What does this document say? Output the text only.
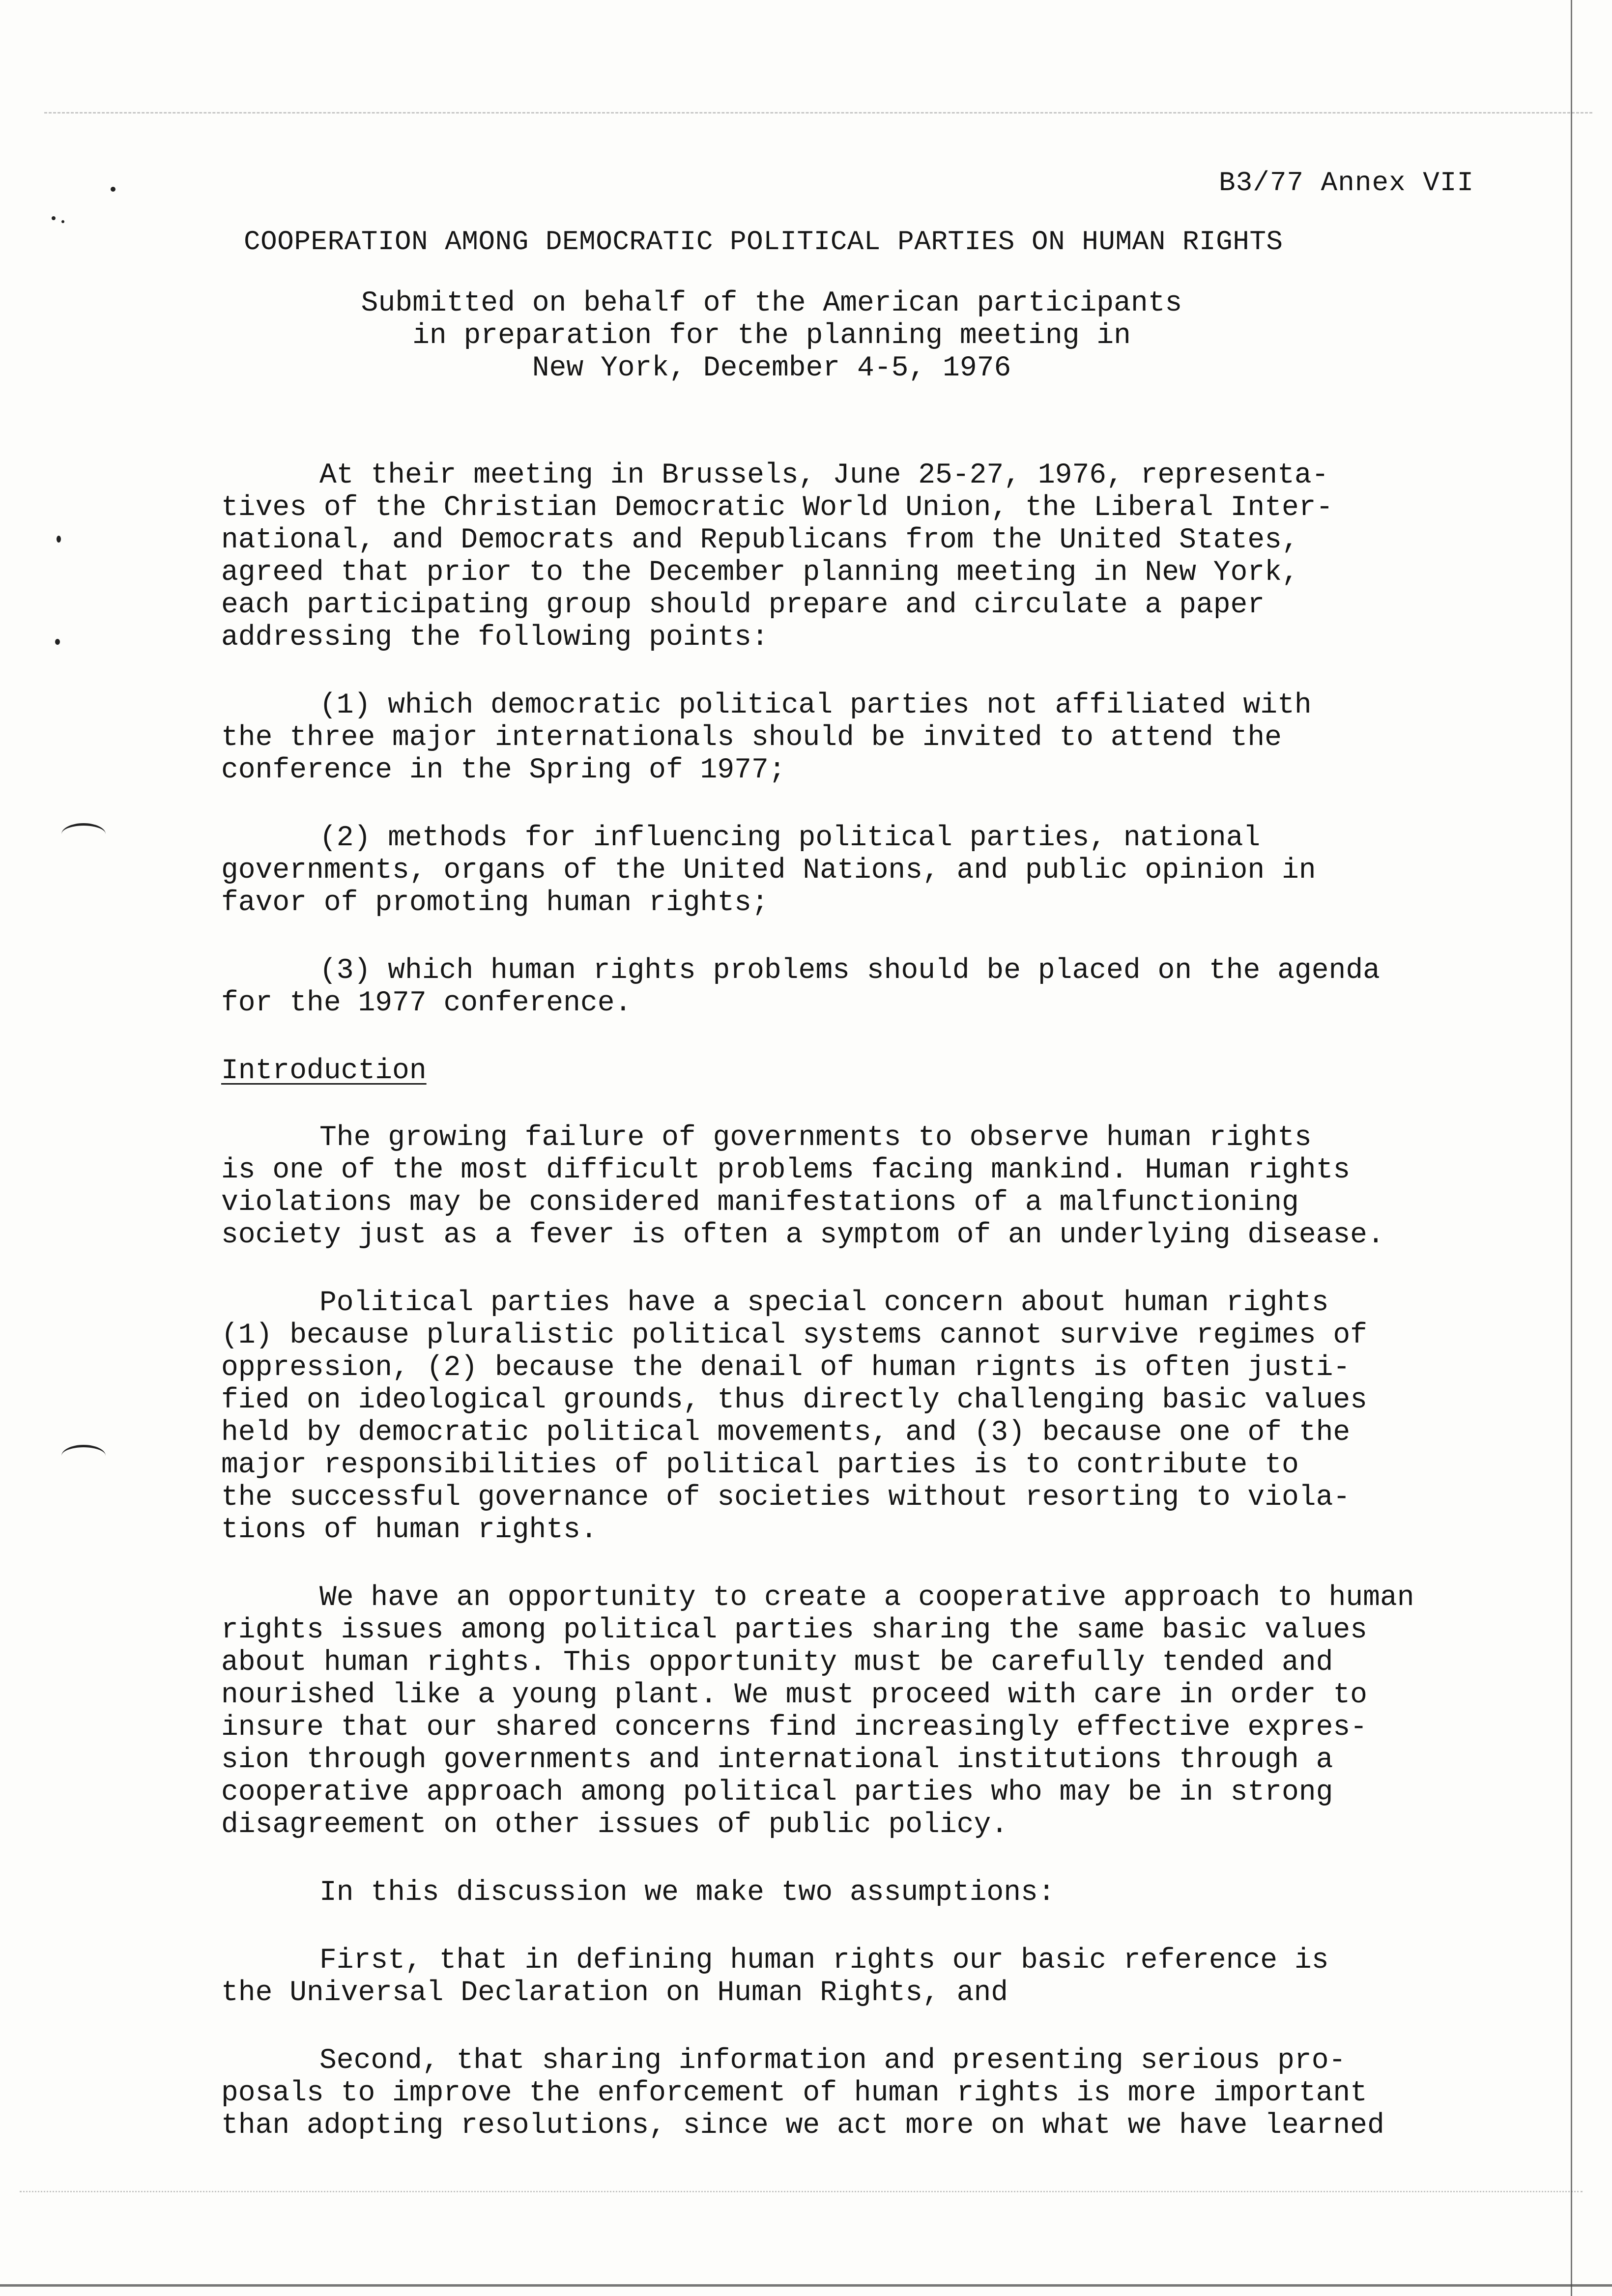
B3/77 Annex VII
COOPERATION AMONG DEMOCRATIC POLITICAL PARTIES ON HUMAN RIGHTS
Submitted on behalf of the American participants
in preparation for the planning meeting in
New York, December 4-5, 1976

At their meeting in Brussels, June 25-27, 1976, representa-
tives of the Christian Democratic World Union, the Liberal Inter-
national, and Democrats and Republicans from the United States,
agreed that prior to the December planning meeting in New York,
each participating group should prepare and circulate a paper
addressing the following points:

(1) which democratic political parties not affiliated with
the three major internationals should be invited to attend the
conference in the Spring of 1977;

(2) methods for influencing political parties, national
governments, organs of the United Nations, and public opinion in
favor of promoting human rights;

(3) which human rights problems should be placed on the agenda
for the 1977 conference.

Introduction

The growing failure of governments to observe human rights
is one of the most difficult problems facing mankind. Human rights
violations may be considered manifestations of a malfunctioning
society just as a fever is often a symptom of an underlying disease.

Political parties have a special concern about human rights
(1) because pluralistic political systems cannot survive regimes of
oppression, (2) because the denail of human rignts is often justi-
fied on ideological grounds, thus directly challenging basic values
held by democratic political movements, and (3) because one of the
major responsibilities of political parties is to contribute to
the successful governance of societies without resorting to viola-
tions of human rights.

We have an opportunity to create a cooperative approach to human
rights issues among political parties sharing the same basic values
about human rights. This opportunity must be carefully tended and
nourished like a young plant. We must proceed with care in order to
insure that our shared concerns find increasingly effective expres-
sion through governments and international institutions through a
cooperative approach among political parties who may be in strong
disagreement on other issues of public policy.

In this discussion we make two assumptions:

First, that in defining human rights our basic reference is
the Universal Declaration on Human Rights, and

Second, that sharing information and presenting serious pro-
posals to improve the enforcement of human rights is more important
than adopting resolutions, since we act more on what we have learned
